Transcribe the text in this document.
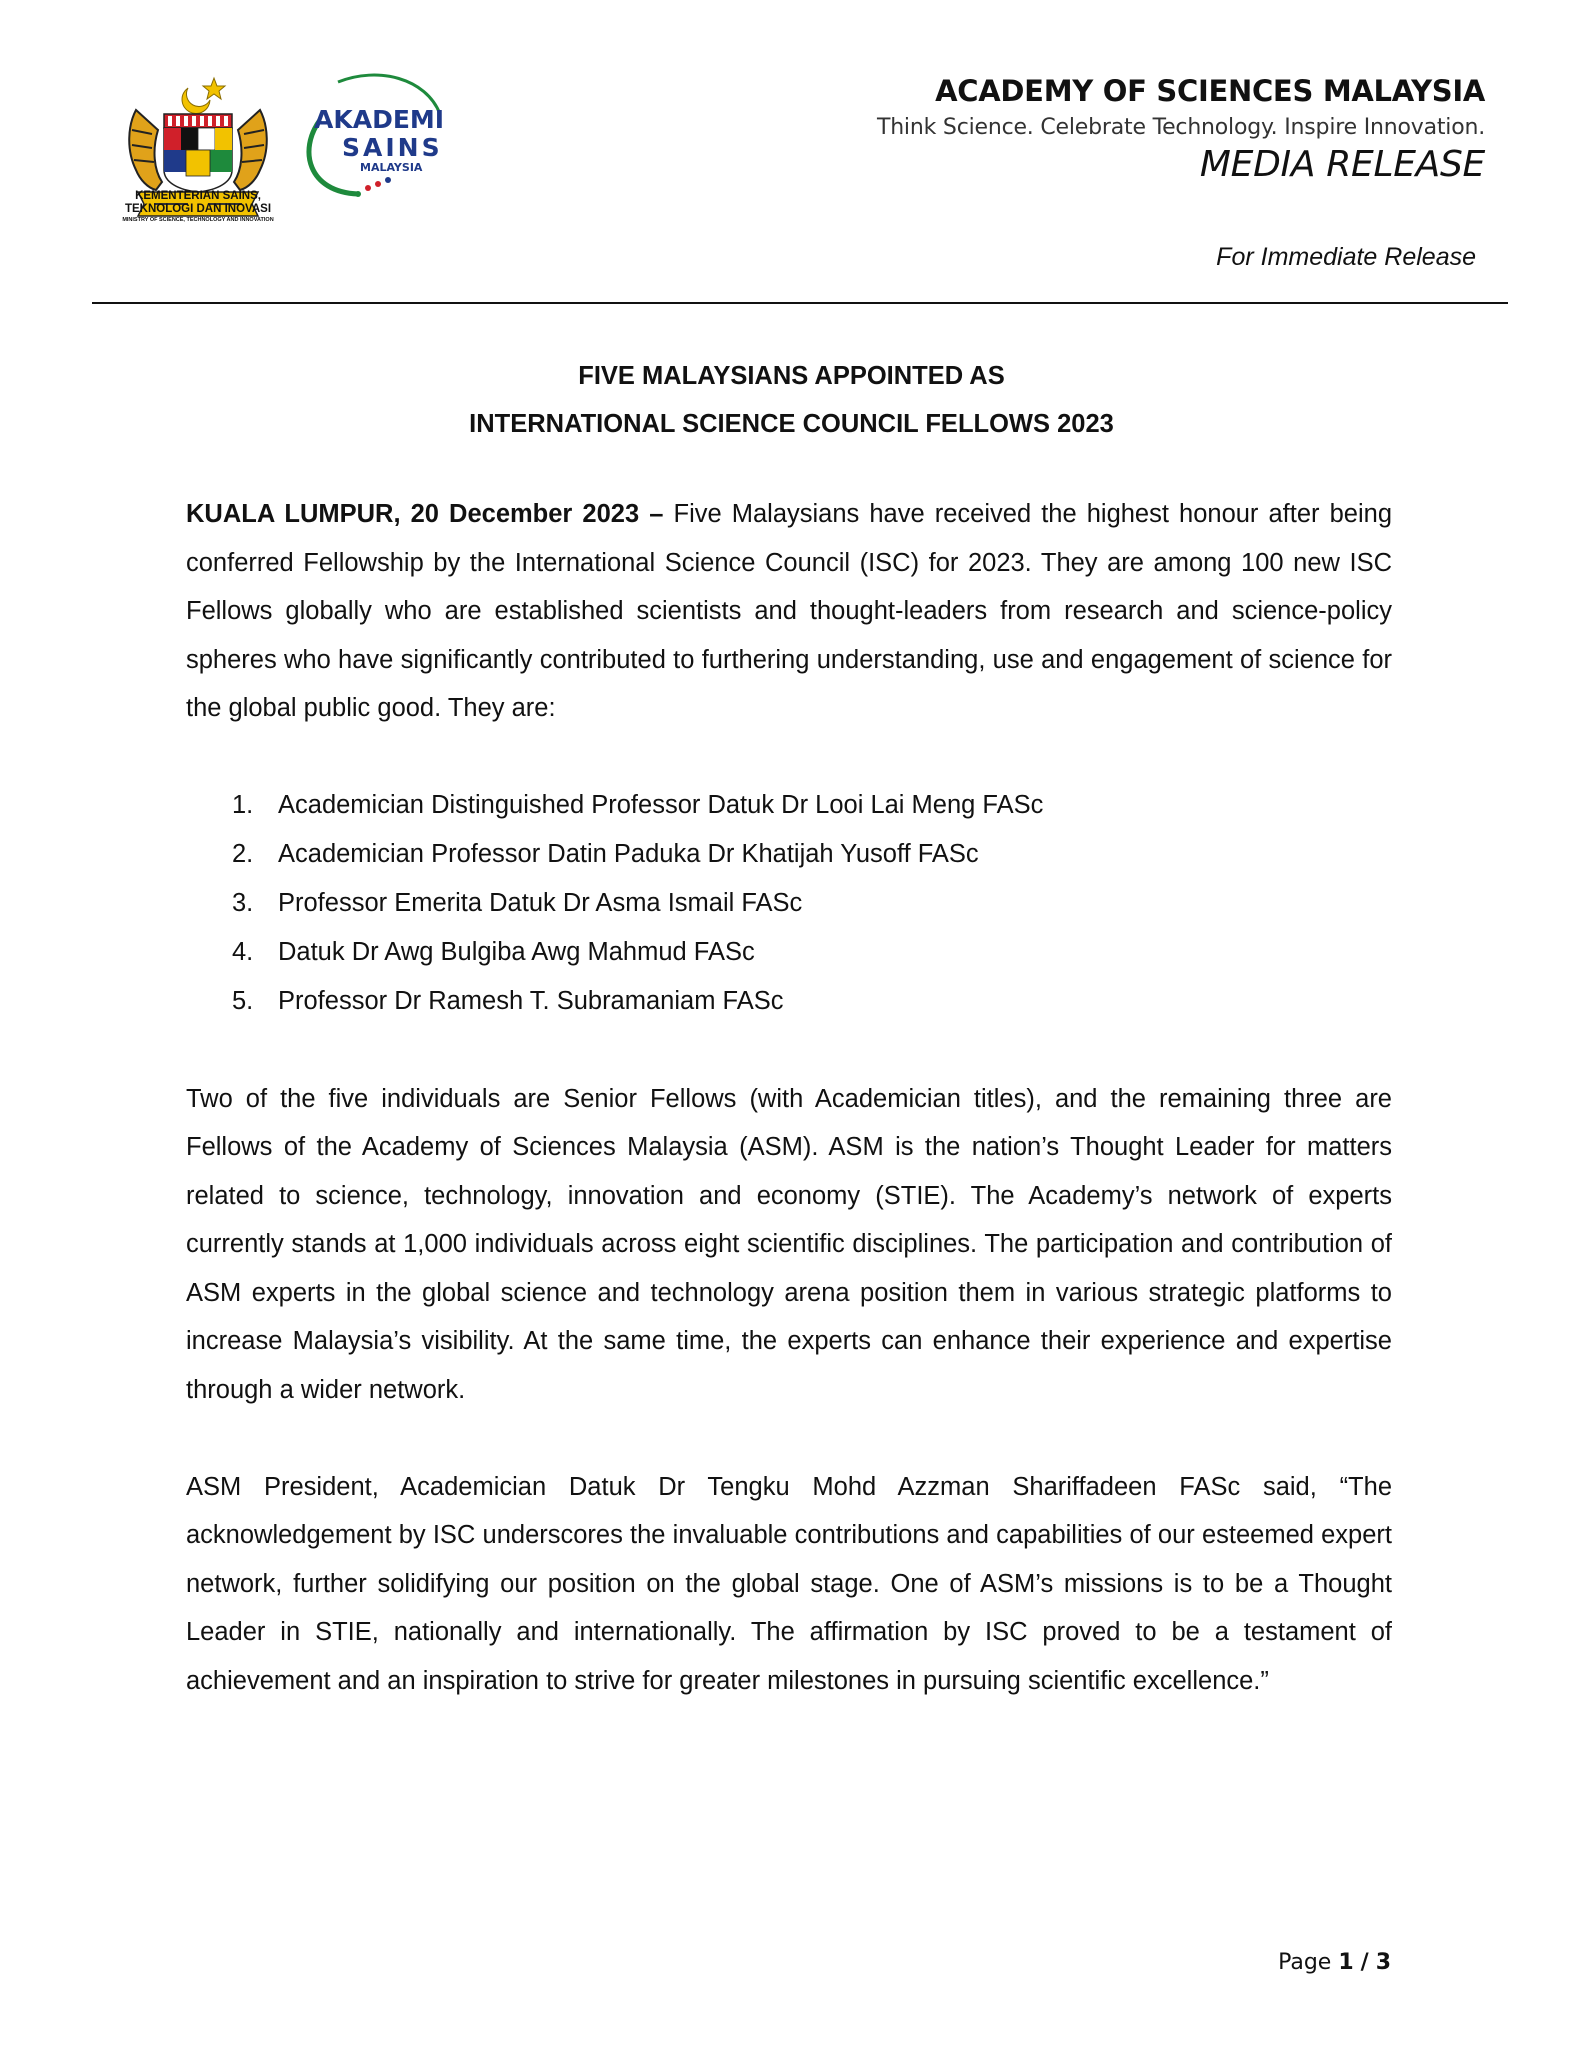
KEMENTERIAN SAINS,
TEKNOLOGI DAN INOVASI
MINISTRY OF SCIENCE, TECHNOLOGY AND INNOVATION
AKADEMI
SAINS
MALAYSIA
ACADEMY OF SCIENCES MALAYSIA
Think Science. Celebrate Technology. Inspire Innovation.
MEDIA RELEASE
For Immediate Release
FIVE MALAYSIANS APPOINTED AS
INTERNATIONAL SCIENCE COUNCIL FELLOWS 2023

KUALA LUMPUR, 20 December 2023 – Five Malaysians have received the highest honour after being conferred Fellowship by the International Science Council (ISC) for 2023. They are among 100 new ISC Fellows globally who are established scientists and thought-leaders from research and science-policy spheres who have significantly contributed to furthering understanding, use and engagement of science for the global public good. They are:

1. Academician Distinguished Professor Datuk Dr Looi Lai Meng FASc
2. Academician Professor Datin Paduka Dr Khatijah Yusoff FASc
3. Professor Emerita Datuk Dr Asma Ismail FASc
4. Datuk Dr Awg Bulgiba Awg Mahmud FASc
5. Professor Dr Ramesh T. Subramaniam FASc

Two of the five individuals are Senior Fellows (with Academician titles), and the remaining three are Fellows of the Academy of Sciences Malaysia (ASM). ASM is the nation’s Thought Leader for matters related to science, technology, innovation and economy (STIE). The Academy’s network of experts currently stands at 1,000 individuals across eight scientific disciplines. The participation and contribution of ASM experts in the global science and technology arena position them in various strategic platforms to increase Malaysia’s visibility. At the same time, the experts can enhance their experience and expertise through a wider network.

ASM President, Academician Datuk Dr Tengku Mohd Azzman Shariffadeen FASc said, “The acknowledgement by ISC underscores the invaluable contributions and capabilities of our esteemed expert network, further solidifying our position on the global stage. One of ASM’s missions is to be a Thought Leader in STIE, nationally and internationally. The affirmation by ISC proved to be a testament of achievement and an inspiration to strive for greater milestones in pursuing scientific excellence.”

Page 1 / 3
